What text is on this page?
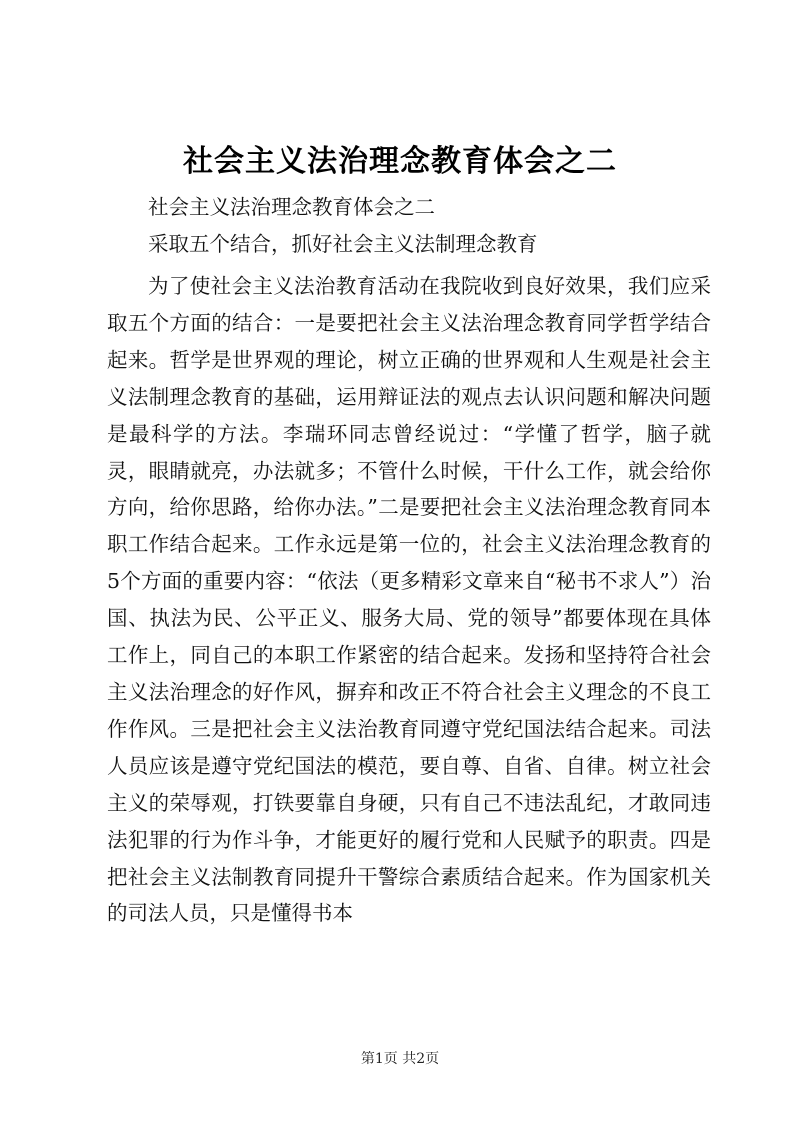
社会主义法治理念教育体会之二
社会主义法治理念教育体会之二
采取五个结合，抓好社会主义法制理念教育
为了使社会主义法治教育活动在我院收到良好效果，我们应采取五个方面的结合：一是要把社会主义法治理念教育同学哲学结合起来。哲学是世界观的理论，树立正确的世界观和人生观是社会主义法制理念教育的基础，运用辩证法的观点去认识问题和解决问题是最科学的方法。李瑞环同志曾经说过：“学懂了哲学，脑子就灵，眼睛就亮，办法就多；不管什么时候，干什么工作，就会给你方向，给你思路，给你办法。”二是要把社会主义法治理念教育同本职工作结合起来。工作永远是第一位的，社会主义法治理念教育的5个方面的重要内容：“依法（更多精彩文章来自“秘书不求人”）治国、执法为民、公平正义、服务大局、党的领导”都要体现在具体工作上，同自己的本职工作紧密的结合起来。发扬和坚持符合社会主义法治理念的好作风，摒弃和改正不符合社会主义理念的不良工作作风。三是把社会主义法治教育同遵守党纪国法结合起来。司法人员应该是遵守党纪国法的模范，要自尊、自省、自律。树立社会主义的荣辱观，打铁要靠自身硬，只有自己不违法乱纪，才敢同违法犯罪的行为作斗争，才能更好的履行党和人民赋予的职责。四是把社会主义法制教育同提升干警综合素质结合起来。作为国家机关的司法人员，只是懂得书本
第1页 共2页
